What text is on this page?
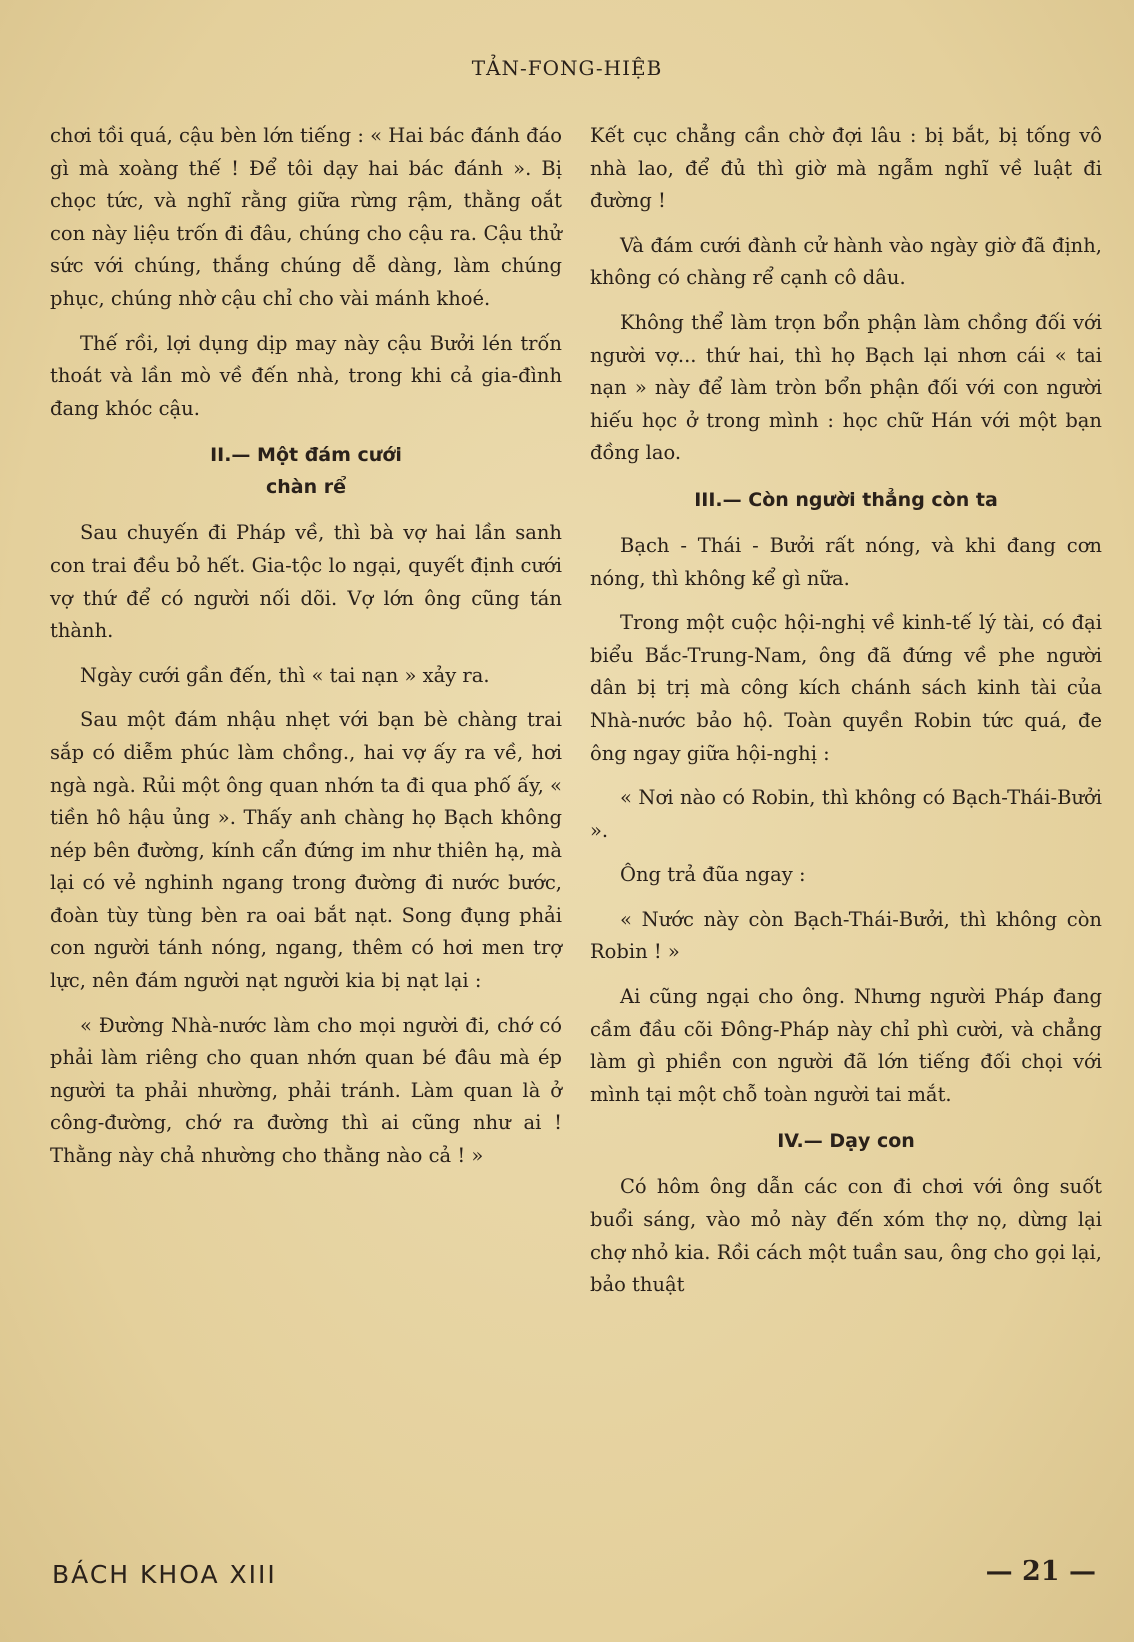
TẢN-FONG-HIỆB

chơi tồi quá, cậu bèn lớn tiếng : « Hai bác đánh đáo gì mà xoàng thế ! Để tôi dạy hai bác đánh ». Bị chọc tức, và nghĩ rằng giữa rừng rậm, thằng oắt con này liệu trốn đi đâu, chúng cho cậu ra. Cậu thử sức với chúng, thắng chúng dễ dàng, làm chúng phục, chúng nhờ cậu chỉ cho vài mánh khoé.

Thế rồi, lợi dụng dịp may này cậu Bưởi lén trốn thoát và lần mò về đến nhà, trong khi cả gia-đình đang khóc cậu.

II.— Một đám cưới
chàn rể

Sau chuyến đi Pháp về, thì bà vợ hai lần sanh con trai đều bỏ hết. Gia-tộc lo ngại, quyết định cưới vợ thứ để có người nối dõi. Vợ lớn ông cũng tán thành.

Ngày cưới gần đến, thì « tai nạn » xảy ra.

Sau một đám nhậu nhẹt với bạn bè chàng trai sắp có diễm phúc làm chồng., hai vợ ấy ra về, hơi ngà ngà. Rủi một ông quan nhớn ta đi qua phố ấy, « tiền hô hậu ủng ». Thấy anh chàng họ Bạch không nép bên đường, kính cẩn đứng im như thiên hạ, mà lại có vẻ nghinh ngang trong đường đi nước bước, đoàn tùy tùng bèn ra oai bắt nạt. Song đụng phải con người tánh nóng, ngang, thêm có hơi men trợ lực, nên đám người nạt người kia bị nạt lại :

« Đường Nhà-nước làm cho mọi người đi, chớ có phải làm riêng cho quan nhớn quan bé đâu mà ép người ta phải nhường, phải tránh. Làm quan là ở công-đường, chớ ra đường thì ai cũng như ai ! Thằng này chả nhường cho thằng nào cả ! »

Kết cục chẳng cần chờ đợi lâu : bị bắt, bị tống vô nhà lao, để đủ thì giờ mà ngẫm nghĩ về luật đi đường !

Và đám cưới đành cử hành vào ngày giờ đã định, không có chàng rể cạnh cô dâu.

Không thể làm trọn bổn phận làm chồng đối với người vợ... thứ hai, thì họ Bạch lại nhơn cái « tai nạn » này để làm tròn bổn phận đối với con người hiếu học ở trong mình : học chữ Hán với một bạn đồng lao.

III.— Còn người thẳng còn ta

Bạch - Thái - Bưởi rất nóng, và khi đang cơn nóng, thì không kể gì nữa.

Trong một cuộc hội-nghị về kinh-tế lý tài, có đại biểu Bắc-Trung-Nam, ông đã đứng về phe người dân bị trị mà công kích chánh sách kinh tài của Nhà-nước bảo hộ. Toàn quyền Robin tức quá, đe ông ngay giữa hội-nghị :

« Nơi nào có Robin, thì không có Bạch-Thái-Bưởi ».

Ông trả đũa ngay :

« Nước này còn Bạch-Thái-Bưởi, thì không còn Robin ! »

Ai cũng ngại cho ông. Nhưng người Pháp đang cầm đầu cõi Đông-Pháp này chỉ phì cười, và chẳng làm gì phiền con người đã lớn tiếng đối chọi với mình tại một chỗ toàn người tai mắt.

IV.— Dạy con

Có hôm ông dẫn các con đi chơi với ông suốt buổi sáng, vào mỏ này đến xóm thợ nọ, dừng lại chợ nhỏ kia. Rồi cách một tuần sau, ông cho gọi lại, bảo thuật

BÁCH KHOA XIII	— 21 —
